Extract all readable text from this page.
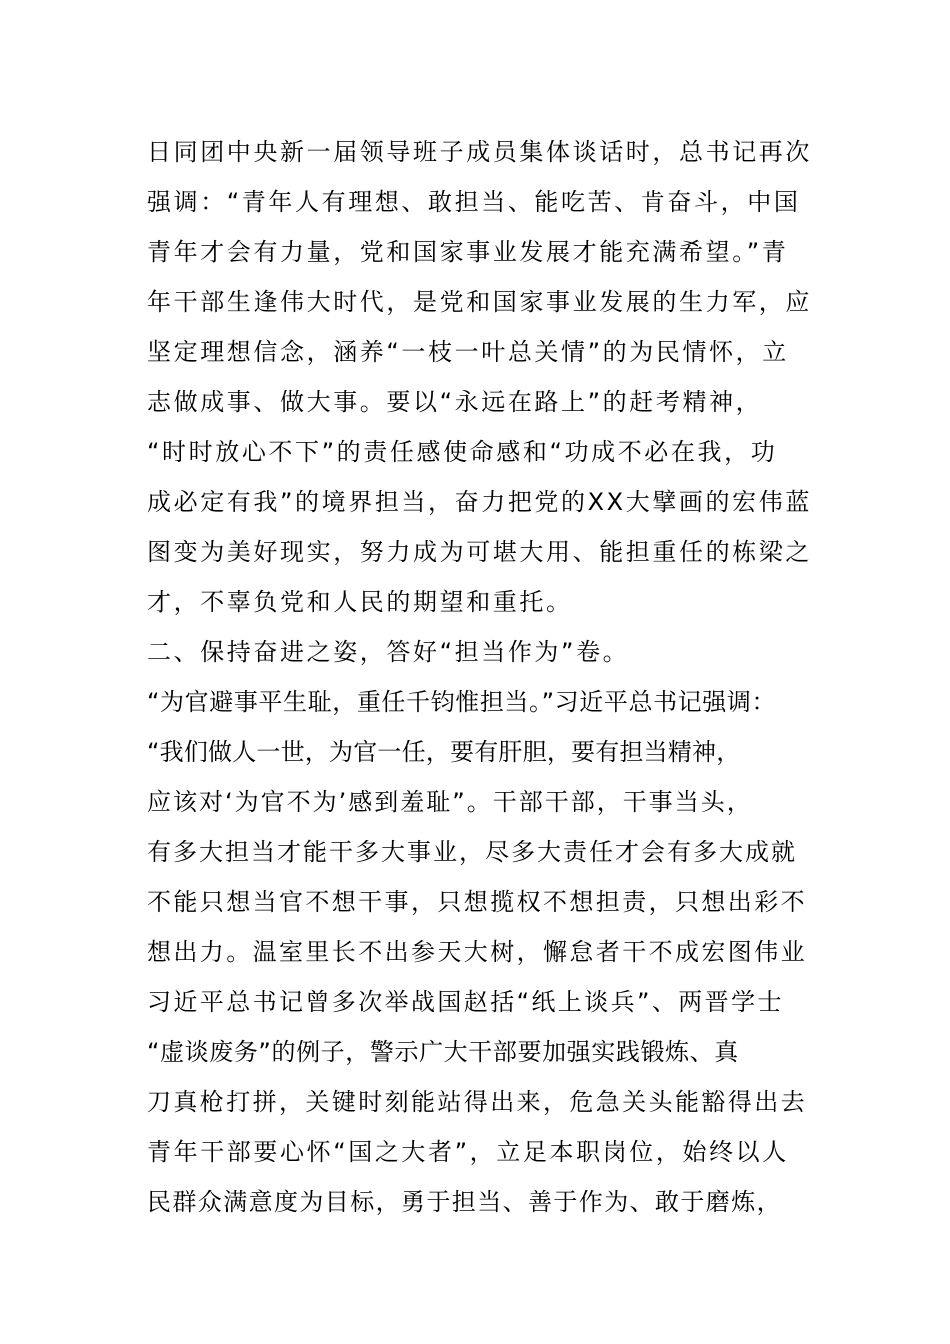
日同团中央新一届领导班子成员集体谈话时，总书记再次
强调：“青年人有理想、敢担当、能吃苦、肯奋斗，中国
青年才会有力量，党和国家事业发展才能充满希望。”青
年干部生逢伟大时代，是党和国家事业发展的生力军，应
坚定理想信念，涵养“一枝一叶总关情”的为民情怀，立
志做成事、做大事。要以“永远在路上”的赶考精神，
“时时放心不下”的责任感使命感和“功成不必在我，功
成必定有我”的境界担当，奋力把党的XX大擘画的宏伟蓝
图变为美好现实，努力成为可堪大用、能担重任的栋梁之
才，不辜负党和人民的期望和重托。
二、保持奋进之姿，答好“担当作为”卷。
“为官避事平生耻，重任千钧惟担当。”习近平总书记强调：
“我们做人一世，为官一任，要有肝胆，要有担当精神，
应该对‘为官不为’感到羞耻”。干部干部，干事当头，
有多大担当才能干多大事业，尽多大责任才会有多大成就
不能只想当官不想干事，只想揽权不想担责，只想出彩不
想出力。温室里长不出参天大树，懈怠者干不成宏图伟业
习近平总书记曾多次举战国赵括“纸上谈兵”、两晋学士
“虚谈废务”的例子，警示广大干部要加强实践锻炼、真
刀真枪打拼，关键时刻能站得出来，危急关头能豁得出去
青年干部要心怀“国之大者”，立足本职岗位，始终以人
民群众满意度为目标，勇于担当、善于作为、敢于磨炼，
